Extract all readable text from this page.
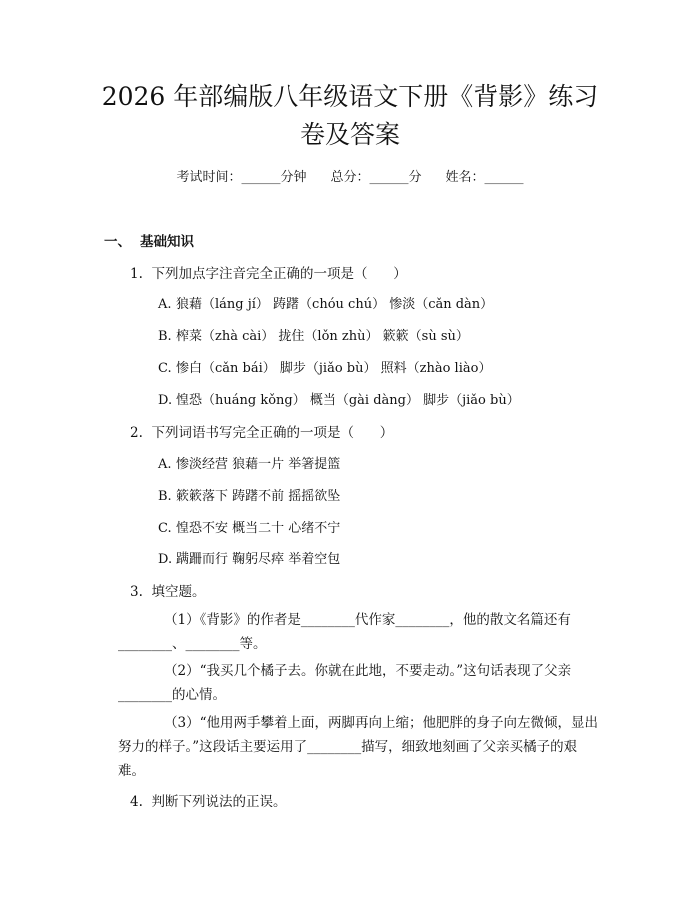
2026 年部编版八年级语文下册《背影》练习
卷及答案
考试时间：______分钟 总分：______分 姓名：______
一、 基础知识
1.  下列加点字注音完全正确的一项是（      ）
A. 狼藉（láng jí） 踌躇（chóu chú） 惨淡（cǎn dàn）
B. 榨菜（zhà cài） 拢住（lǒn zhù） 簌簌（sù sù）
C. 惨白（cǎn bái） 脚步（jiǎo bù） 照料（zhào liào）
D. 惶恐（huáng kǒng） 概当（gài dàng） 脚步（jiǎo bù）
2.  下列词语书写完全正确的一项是（      ）
A. 惨淡经营 狼藉一片 举箸提篮
B. 簌簌落下 踌躇不前 摇摇欲坠
C. 惶恐不安 概当二十 心绪不宁
D. 蹒跚而行 鞠躬尽瘁 举着空包
3.  填空题。

（1）《背影》的作者是________代作家________，他的散文名篇还有________、________等。

（2）“我买几个橘子去。你就在此地，不要走动。”这句话表现了父亲________的心情。

（3）“他用两手攀着上面，两脚再向上缩；他肥胖的身子向左微倾，显出努力的样子。”这段话主要运用了________描写，细致地刻画了父亲买橘子的艰难。

4.  判断下列说法的正误。
